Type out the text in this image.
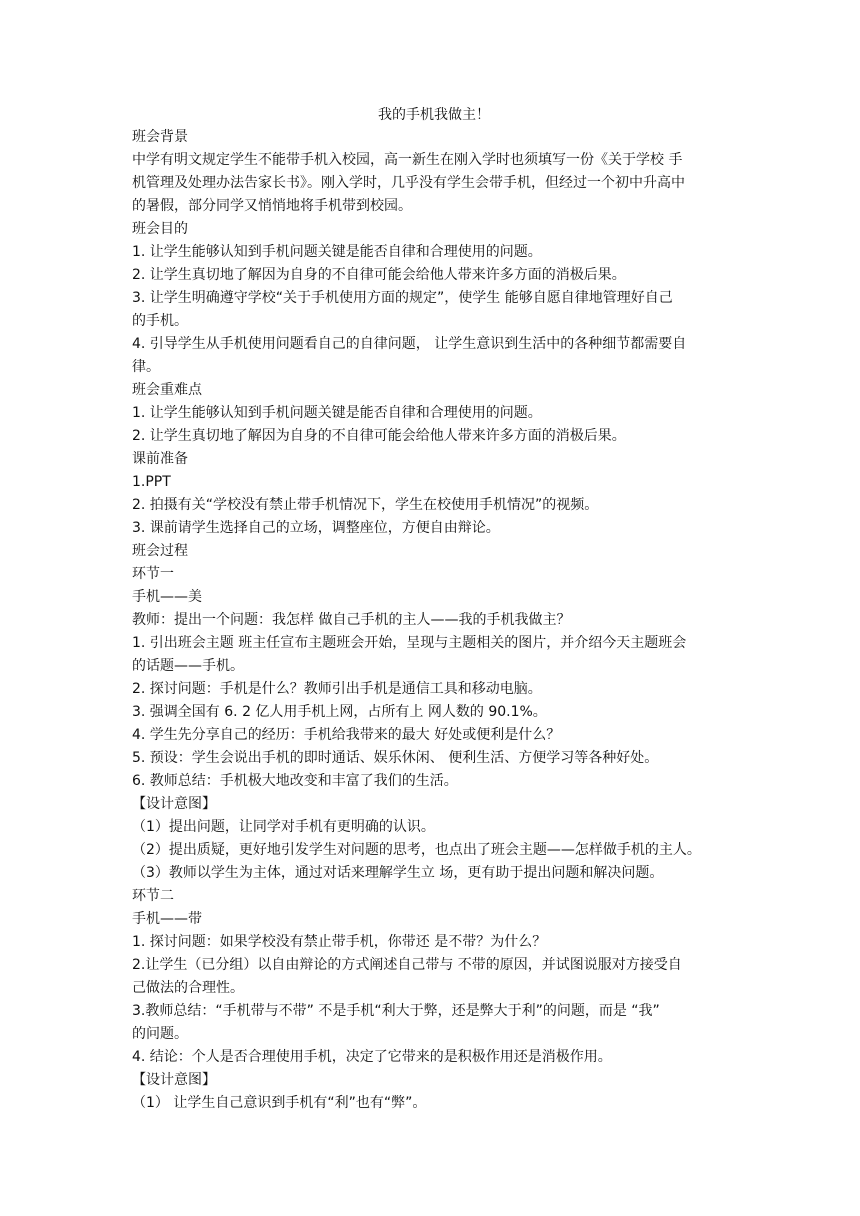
我的手机我做主！

班会背景

中学有明文规定学生不能带手机入校园，高一新生在刚入学时也须填写一份《关于学校 手

机管理及处理办法告家长书》。刚入学时，几乎没有学生会带手机，但经过一个初中升高中

的暑假，部分同学又悄悄地将手机带到校园。

班会目的

1. 让学生能够认知到手机问题关键是能否自律和合理使用的问题。

2. 让学生真切地了解因为自身的不自律可能会给他人带来许多方面的消极后果。

3. 让学生明确遵守学校“关于手机使用方面的规定”，使学生 能够自愿自律地管理好自己

的手机。

4. 引导学生从手机使用问题看自己的自律问题， 让学生意识到生活中的各种细节都需要自

律。

班会重难点

1. 让学生能够认知到手机问题关键是能否自律和合理使用的问题。

2. 让学生真切地了解因为自身的不自律可能会给他人带来许多方面的消极后果。

课前准备

1.PPT

2. 拍摄有关“学校没有禁止带手机情况下，学生在校使用手机情况”的视频。

3. 课前请学生选择自己的立场，调整座位，方便自由辩论。

班会过程

环节一

手机——美

教师：提出一个问题：我怎样 做自己手机的主人——我的手机我做主？

1. 引出班会主题 班主任宣布主题班会开始，呈现与主题相关的图片，并介绍今天主题班会

的话题——手机。

2. 探讨问题：手机是什么？教师引出手机是通信工具和移动电脑。

3. 强调全国有 6. 2 亿人用手机上网，占所有上 网人数的 90.1%。

4. 学生先分享自己的经历：手机给我带来的最大 好处或便利是什么？

5. 预设：学生会说出手机的即时通话、娱乐休闲、 便利生活、方便学习等各种好处。

6. 教师总结：手机极大地改变和丰富了我们的生活。

【设计意图】

（1）提出问题，让同学对手机有更明确的认识。

（2）提出质疑，更好地引发学生对问题的思考，也点出了班会主题——怎样做手机的主人。

（3）教师以学生为主体，通过对话来理解学生立 场，更有助于提出问题和解决问题。

环节二

手机——带

1. 探讨问题：如果学校没有禁止带手机，你带还 是不带？为什么？

2.让学生（已分组）以自由辩论的方式阐述自己带与 不带的原因，并试图说服对方接受自

己做法的合理性。

3.教师总结：“手机带与不带” 不是手机“利大于弊，还是弊大于利”的问题，而是 “我”

的问题。

4. 结论：个人是否合理使用手机，决定了它带来的是积极作用还是消极作用。

【设计意图】

（1） 让学生自己意识到手机有“利”也有“弊”。
